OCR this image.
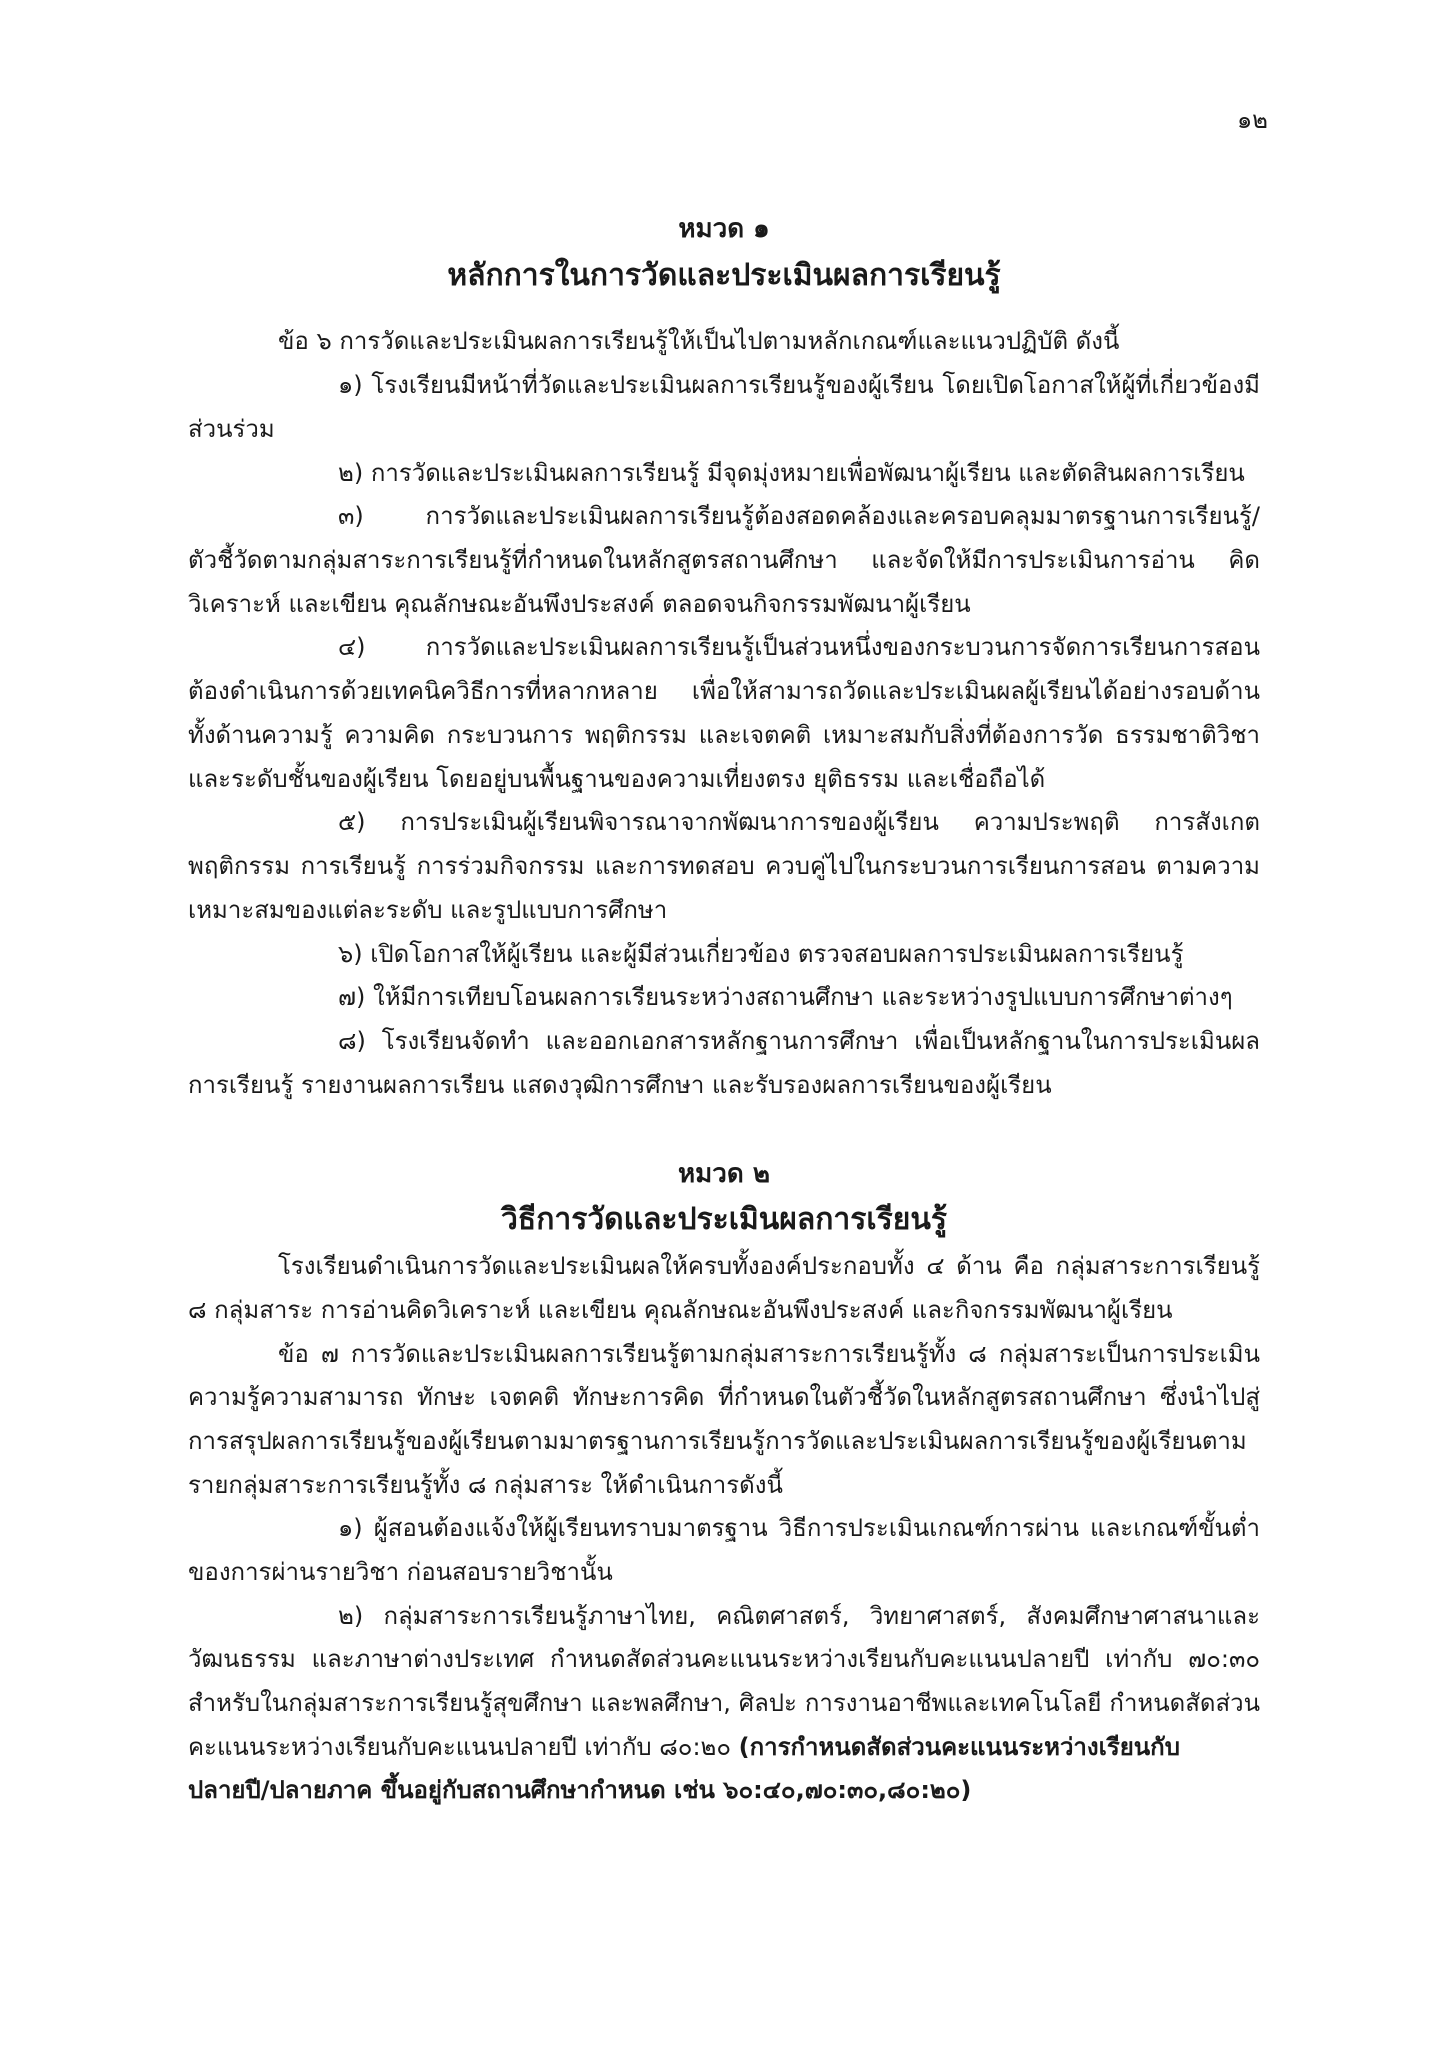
๑๒
หมวด ๑
หลักการในการวัดและประเมินผลการเรียนรู้
ข้อ ๖ การวัดและประเมินผลการเรียนรู้ให้เป็นไปตามหลักเกณฑ์และแนวปฏิบัติ ดังนี้
๑) โรงเรียนมีหน้าที่วัดและประเมินผลการเรียนรู้ของผู้เรียน โดยเปิดโอกาสให้ผู้ที่เกี่ยวข้องมี
ส่วนร่วม
๒) การวัดและประเมินผลการเรียนรู้ มีจุดมุ่งหมายเพื่อพัฒนาผู้เรียน และตัดสินผลการเรียน
๓) การวัดและประเมินผลการเรียนรู้ต้องสอดคล้องและครอบคลุมมาตรฐานการเรียนรู้/
ตัวชี้วัดตามกลุ่มสาระการเรียนรู้ที่กำหนดในหลักสูตรสถานศึกษา และจัดให้มีการประเมินการอ่าน คิด
วิเคราะห์ และเขียน คุณลักษณะอันพึงประสงค์ ตลอดจนกิจกรรมพัฒนาผู้เรียน
๔) การวัดและประเมินผลการเรียนรู้เป็นส่วนหนึ่งของกระบวนการจัดการเรียนการสอน
ต้องดำเนินการด้วยเทคนิควิธีการที่หลากหลาย เพื่อให้สามารถวัดและประเมินผลผู้เรียนได้อย่างรอบด้าน
ทั้งด้านความรู้ ความคิด กระบวนการ พฤติกรรม และเจตคติ เหมาะสมกับสิ่งที่ต้องการวัด ธรรมชาติวิชา
และระดับชั้นของผู้เรียน โดยอยู่บนพื้นฐานของความเที่ยงตรง ยุติธรรม และเชื่อถือได้
๕) การประเมินผู้เรียนพิจารณาจากพัฒนาการของผู้เรียน ความประพฤติ การสังเกต
พฤติกรรม การเรียนรู้ การร่วมกิจกรรม และการทดสอบ ควบคู่ไปในกระบวนการเรียนการสอน ตามความ
เหมาะสมของแต่ละระดับ และรูปแบบการศึกษา
๖) เปิดโอกาสให้ผู้เรียน และผู้มีส่วนเกี่ยวข้อง ตรวจสอบผลการประเมินผลการเรียนรู้
๗) ให้มีการเทียบโอนผลการเรียนระหว่างสถานศึกษา และระหว่างรูปแบบการศึกษาต่างๆ
๘) โรงเรียนจัดทำ และออกเอกสารหลักฐานการศึกษา เพื่อเป็นหลักฐานในการประเมินผล
การเรียนรู้ รายงานผลการเรียน แสดงวุฒิการศึกษา และรับรองผลการเรียนของผู้เรียน
หมวด ๒
วิธีการวัดและประเมินผลการเรียนรู้
โรงเรียนดำเนินการวัดและประเมินผลให้ครบทั้งองค์ประกอบทั้ง ๔ ด้าน คือ กลุ่มสาระการเรียนรู้
๘ กลุ่มสาระ การอ่านคิดวิเคราะห์ และเขียน คุณลักษณะอันพึงประสงค์ และกิจกรรมพัฒนาผู้เรียน
ข้อ ๗ การวัดและประเมินผลการเรียนรู้ตามกลุ่มสาระการเรียนรู้ทั้ง ๘ กลุ่มสาระเป็นการประเมิน
ความรู้ความสามารถ ทักษะ เจตคติ ทักษะการคิด ที่กำหนดในตัวชี้วัดในหลักสูตรสถานศึกษา ซึ่งนำไปสู่
การสรุปผลการเรียนรู้ของผู้เรียนตามมาตรฐานการเรียนรู้การวัดและประเมินผลการเรียนรู้ของผู้เรียนตาม
รายกลุ่มสาระการเรียนรู้ทั้ง ๘ กลุ่มสาระ ให้ดำเนินการดังนี้
๑) ผู้สอนต้องแจ้งให้ผู้เรียนทราบมาตรฐาน วิธีการประเมินเกณฑ์การผ่าน และเกณฑ์ขั้นต่ำ
ของการผ่านรายวิชา ก่อนสอบรายวิชานั้น
๒) กลุ่มสาระการเรียนรู้ภาษาไทย, คณิตศาสตร์, วิทยาศาสตร์, สังคมศึกษาศาสนาและ
วัฒนธรรม และภาษาต่างประเทศ กำหนดสัดส่วนคะแนนระหว่างเรียนกับคะแนนปลายปี เท่ากับ ๗๐:๓๐
สำหรับในกลุ่มสาระการเรียนรู้สุขศึกษา และพลศึกษา, ศิลปะ การงานอาชีพและเทคโนโลยี กำหนดสัดส่วน
คะแนนระหว่างเรียนกับคะแนนปลายปี เท่ากับ ๘๐:๒๐ (การกำหนดสัดส่วนคะแนนระหว่างเรียนกับ
ปลายปี/ปลายภาค ขึ้นอยู่กับสถานศึกษากำหนด เช่น ๖๐:๔๐,๗๐:๓๐,๘๐:๒๐)
